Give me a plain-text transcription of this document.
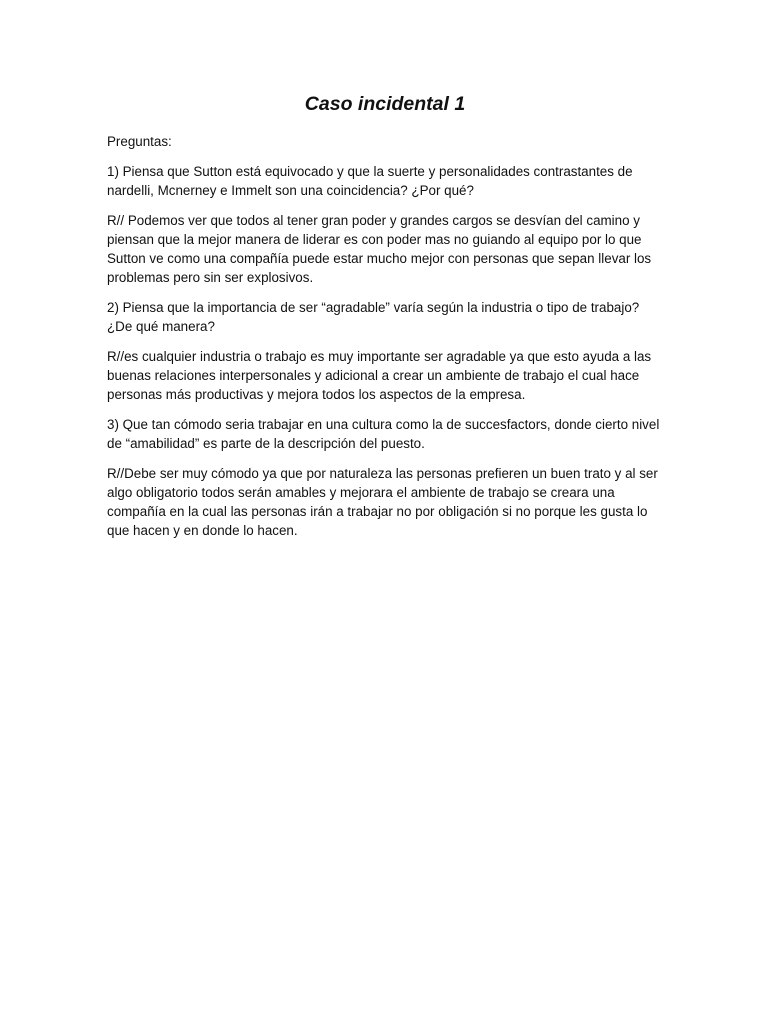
Caso incidental 1

Preguntas:

1) Piensa que Sutton está equivocado y que la suerte y personalidades contrastantes de nardelli, Mcnerney e Immelt son una coincidencia? ¿Por qué?

R// Podemos ver que todos al tener gran poder y grandes cargos se desvían del camino y piensan que la mejor manera de liderar es con poder mas no guiando al equipo por lo que Sutton ve como una compañía puede estar mucho mejor con personas que sepan llevar los problemas pero sin ser explosivos.

2) Piensa que la importancia de ser “agradable” varía según la industria o tipo de trabajo? ¿De qué manera?

R//es cualquier industria o trabajo es muy importante ser agradable ya que esto ayuda a las buenas relaciones interpersonales y adicional a crear un ambiente de trabajo el cual hace personas más productivas y mejora todos los aspectos de la empresa.

3) Que tan cómodo seria trabajar en una cultura como la de succesfactors, donde cierto nivel de “amabilidad” es parte de la descripción del puesto.

R//Debe ser muy cómodo ya que por naturaleza las personas prefieren un buen trato y al ser algo obligatorio todos serán amables y mejorara el ambiente de trabajo se creara una compañía en la cual las personas irán a trabajar no por obligación si no porque les gusta lo que hacen y en donde lo hacen.
